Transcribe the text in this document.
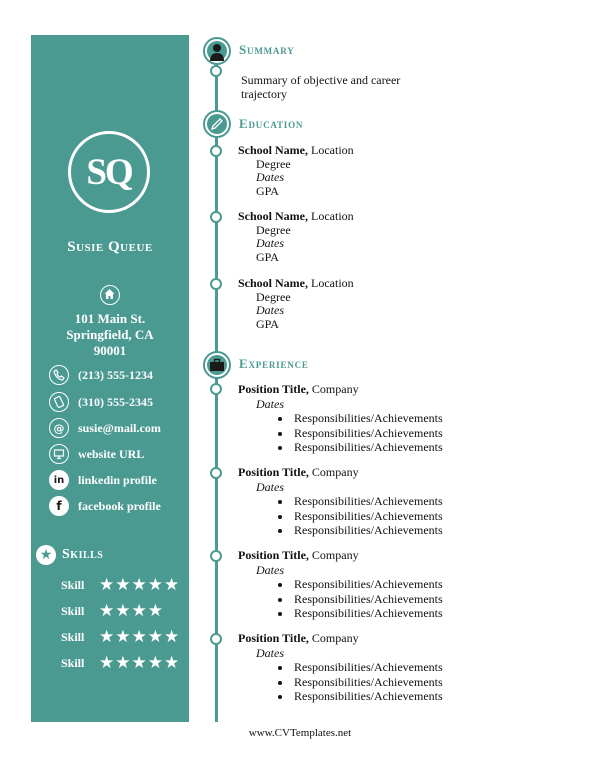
SQ
Susie Queue
101 Main St.
Springfield, CA
90001
(213) 555-1234
(310) 555-2345
@	susie@mail.com
website URL
in	linkedin profile
f	facebook profile
★ Skills
Skill ★★★★★
Skill ★★★★
Skill ★★★★★
Skill ★★★★★
Summary
Summary of objective and career trajectory
Education
School Name, Location
Degree
Dates
GPA
School Name, Location
Degree
Dates
GPA
School Name, Location
Degree
Dates
GPA
Experience
Position Title, Company
Dates
• Responsibilities/Achievements
• Responsibilities/Achievements
• Responsibilities/Achievements
Position Title, Company
Dates
• Responsibilities/Achievements
• Responsibilities/Achievements
• Responsibilities/Achievements
Position Title, Company
Dates
• Responsibilities/Achievements
• Responsibilities/Achievements
• Responsibilities/Achievements
Position Title, Company
Dates
• Responsibilities/Achievements
• Responsibilities/Achievements
• Responsibilities/Achievements
www.CVTemplates.net
